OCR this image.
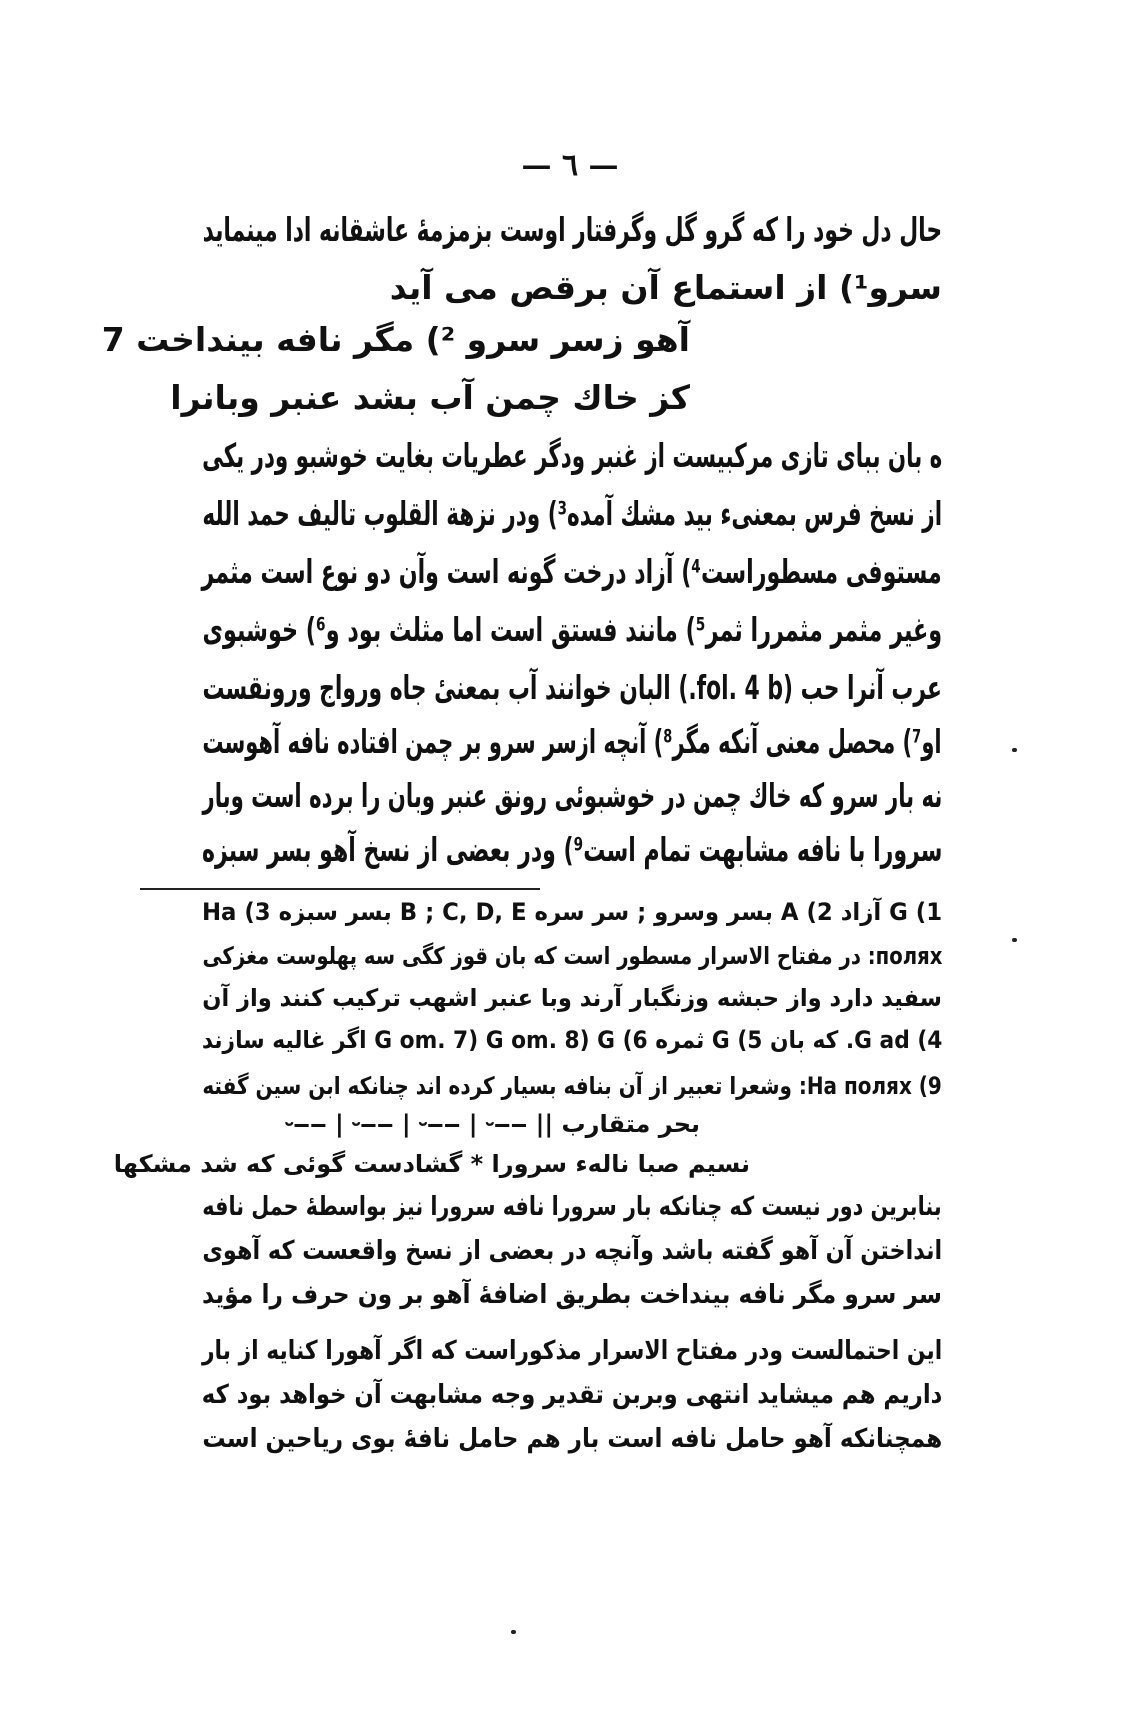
— ٦ —
حال دل خود را كه گرو گل وگرفتار اوست بزمزمهٔ عاشقانه ادا مينمايد
سرو¹) از استماع آن برقص می آيد
آهو زسر سرو ²) مگر نافه بينداخت 7
كز خاك چمن آب بشد عنبر وبانرا
ه بان بباى تازى مركبيست از غنبر ودگر عطريات بغايت خوشبو ودر يكى
از نسخ فرس بمعنیء بید مشك آمده³) ودر نزهة القلوب تاليف حمد الله
مستوفى مسطوراست⁴) آزاد درخت گونه است وآن دو نوع است مثمر
وغير مثمر مثمررا ثمر⁵) مانند فستق است اما مثلث بود و⁶) خوشبوى
عرب آنرا حب (fol. 4 b.) البان خوانند آب بمعنیٔ جاه ورواج ورونقست
او⁷) محصل معنی آنكه مگر⁸) آنچه ازسر سرو بر چمن افتاده نافه آهوست
نه بار سرو كه خاك چمن در خوشبوئى رونق عنبر وبان را برده است وبار
سرورا با نافه مشابهت تمام است⁹) ودر بعضى از نسخ آهو بسر سبزه
1) G آزاد 2) A بسر وسرو ; سر سره B ; C, D, E بسر سبزه 3) Ha
полях: در مفتاح الاسرار مسطور است كه بان قوز كگى سه پهلوست مغزكى
سفيد دارد واز حبشه وزنگبار آرند وبا عنبر اشهب تركيب كنند واز آن
4) G ad. كه بان 5) G ثمره 6) G om. 7) G om. 8) G اگر غاليه سازند
9) На полях: وشعرا تعبير از آن بنافه بسيار كرده اند چنانكه ابن سين گفته
بحر متقارب || ‒‒⏑ | ‒‒⏑ | ‒‒⏑ | ‒‒⏑
نسيم صبا نالهء سرورا * گشادست گوئى كه شد مشكها
بنابرين دور نيست كه چنانكه بار سرورا نافه سرورا نيز بواسطهٔ حمل نافه
انداختن آن آهو گفته باشد وآنچه در بعضى از نسخ واقعست كه آهوى
سر سرو مگر نافه بينداخت بطريق اضافهٔ آهو بر ون حرف را مؤيد
اين احتمالست ودر مفتاح الاسرار مذكوراست كه اگر آهورا كنايه از بار
داريم هم ميشايد انتهى وبربن تقدير وجه مشابهت آن خواهد بود كه
همچنانكه آهو حامل نافه است بار هم حامل نافهٔ بوى رياحين است
